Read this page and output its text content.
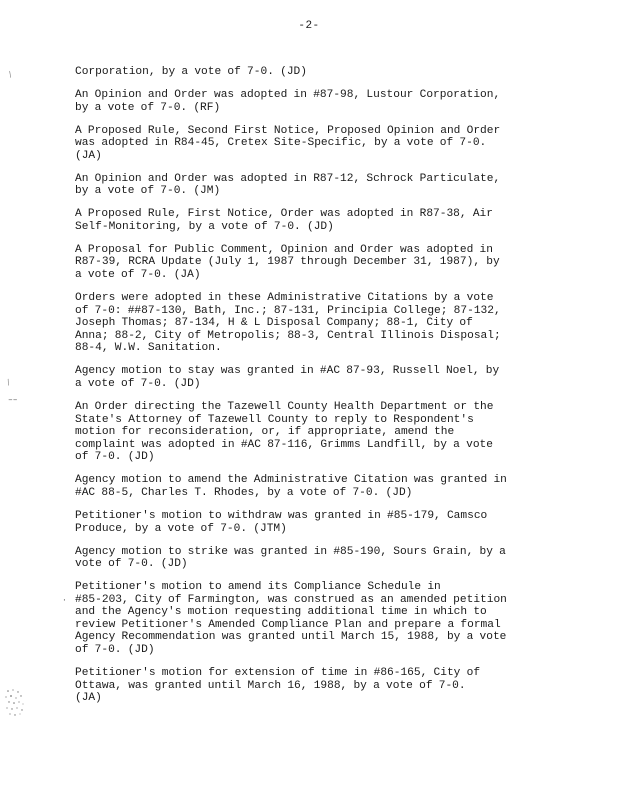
-2-
⁄
⁄
‒‒
·

Corporation, by a vote of 7-0. (JD)

An Opinion and Order was adopted in #87-98, Lustour Corporation,
by a vote of 7-0. (RF)

A Proposed Rule, Second First Notice, Proposed Opinion and Order
was adopted in R84-45, Cretex Site-Specific, by a vote of 7-0.
(JA)

An Opinion and Order was adopted in R87-12, Schrock Particulate,
by a vote of 7-0. (JM)

A Proposed Rule, First Notice, Order was adopted in R87-38, Air
Self-Monitoring, by a vote of 7-0. (JD)

A Proposal for Public Comment, Opinion and Order was adopted in
R87-39, RCRA Update (July 1, 1987 through December 31, 1987), by
a vote of 7-0. (JA)

Orders were adopted in these Administrative Citations by a vote
of 7-0: ##87-130, Bath, Inc.; 87-131, Principia College; 87-132,
Joseph Thomas; 87-134, H & L Disposal Company; 88-1, City of
Anna; 88-2, City of Metropolis; 88-3, Central Illinois Disposal;
88-4, W.W. Sanitation.

Agency motion to stay was granted in #AC 87-93, Russell Noel, by
a vote of 7-0. (JD)

An Order directing the Tazewell County Health Department or the
State's Attorney of Tazewell County to reply to Respondent's
motion for reconsideration, or, if appropriate, amend the
complaint was adopted in #AC 87-116, Grimms Landfill, by a vote
of 7-0. (JD)

Agency motion to amend the Administrative Citation was granted in
#AC 88-5, Charles T. Rhodes, by a vote of 7-0. (JD)

Petitioner's motion to withdraw was granted in #85-179, Camsco
Produce, by a vote of 7-0. (JTM)

Agency motion to strike was granted in #85-190, Sours Grain, by a
vote of 7-0. (JD)

Petitioner's motion to amend its Compliance Schedule in
#85-203, City of Farmington, was construed as an amended petition
and the Agency's motion requesting additional time in which to
review Petitioner's Amended Compliance Plan and prepare a formal
Agency Recommendation was granted until March 15, 1988, by a vote
of 7-0. (JD)

Petitioner's motion for extension of time in #86-165, City of
Ottawa, was granted until March 16, 1988, by a vote of 7-0.
(JA)
